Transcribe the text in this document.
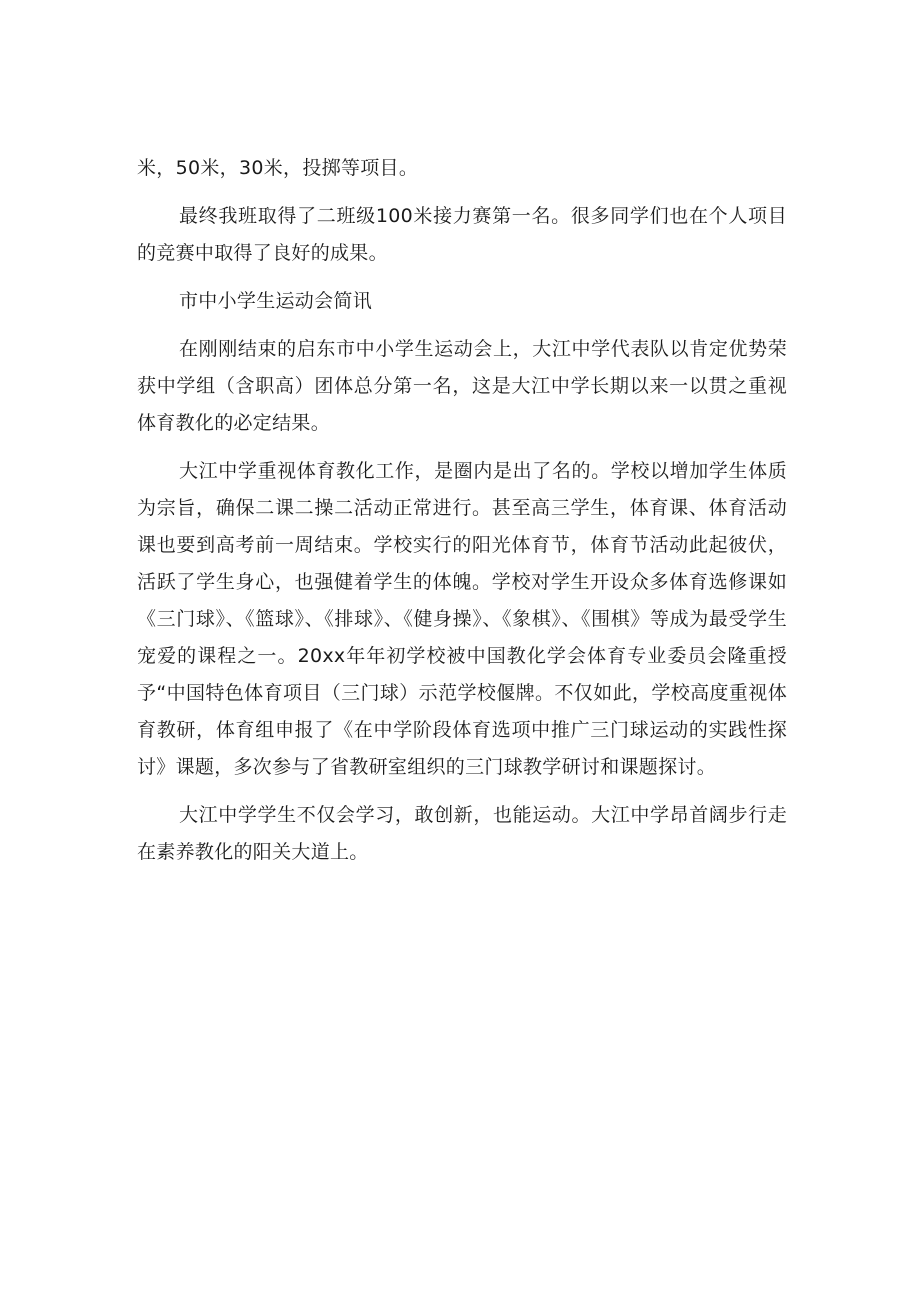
米，50米，30米，投掷等项目。

最终我班取得了二班级100米接力赛第一名。很多同学们也在个人项目的竞赛中取得了良好的成果。

市中小学生运动会简讯

在刚刚结束的启东市中小学生运动会上，大江中学代表队以肯定优势荣获中学组（含职高）团体总分第一名，这是大江中学长期以来一以贯之重视体育教化的必定结果。

大江中学重视体育教化工作，是圈内是出了名的。学校以增加学生体质为宗旨，确保二课二操二活动正常进行。甚至高三学生，体育课、体育活动课也要到高考前一周结束。学校实行的阳光体育节，体育节活动此起彼伏，活跃了学生身心，也强健着学生的体魄。学校对学生开设众多体育选修课如《三门球》、《篮球》、《排球》、《健身操》、《象棋》、《围棋》等成为最受学生宠爱的课程之一。20xx年年初学校被中国教化学会体育专业委员会隆重授予“中国特色体育项目（三门球）示范学校偃牌。不仅如此，学校高度重视体育教研，体育组申报了《在中学阶段体育选项中推广三门球运动的实践性探讨》课题，多次参与了省教研室组织的三门球教学研讨和课题探讨。

大江中学学生不仅会学习，敢创新，也能运动。大江中学昂首阔步行走在素养教化的阳关大道上。
